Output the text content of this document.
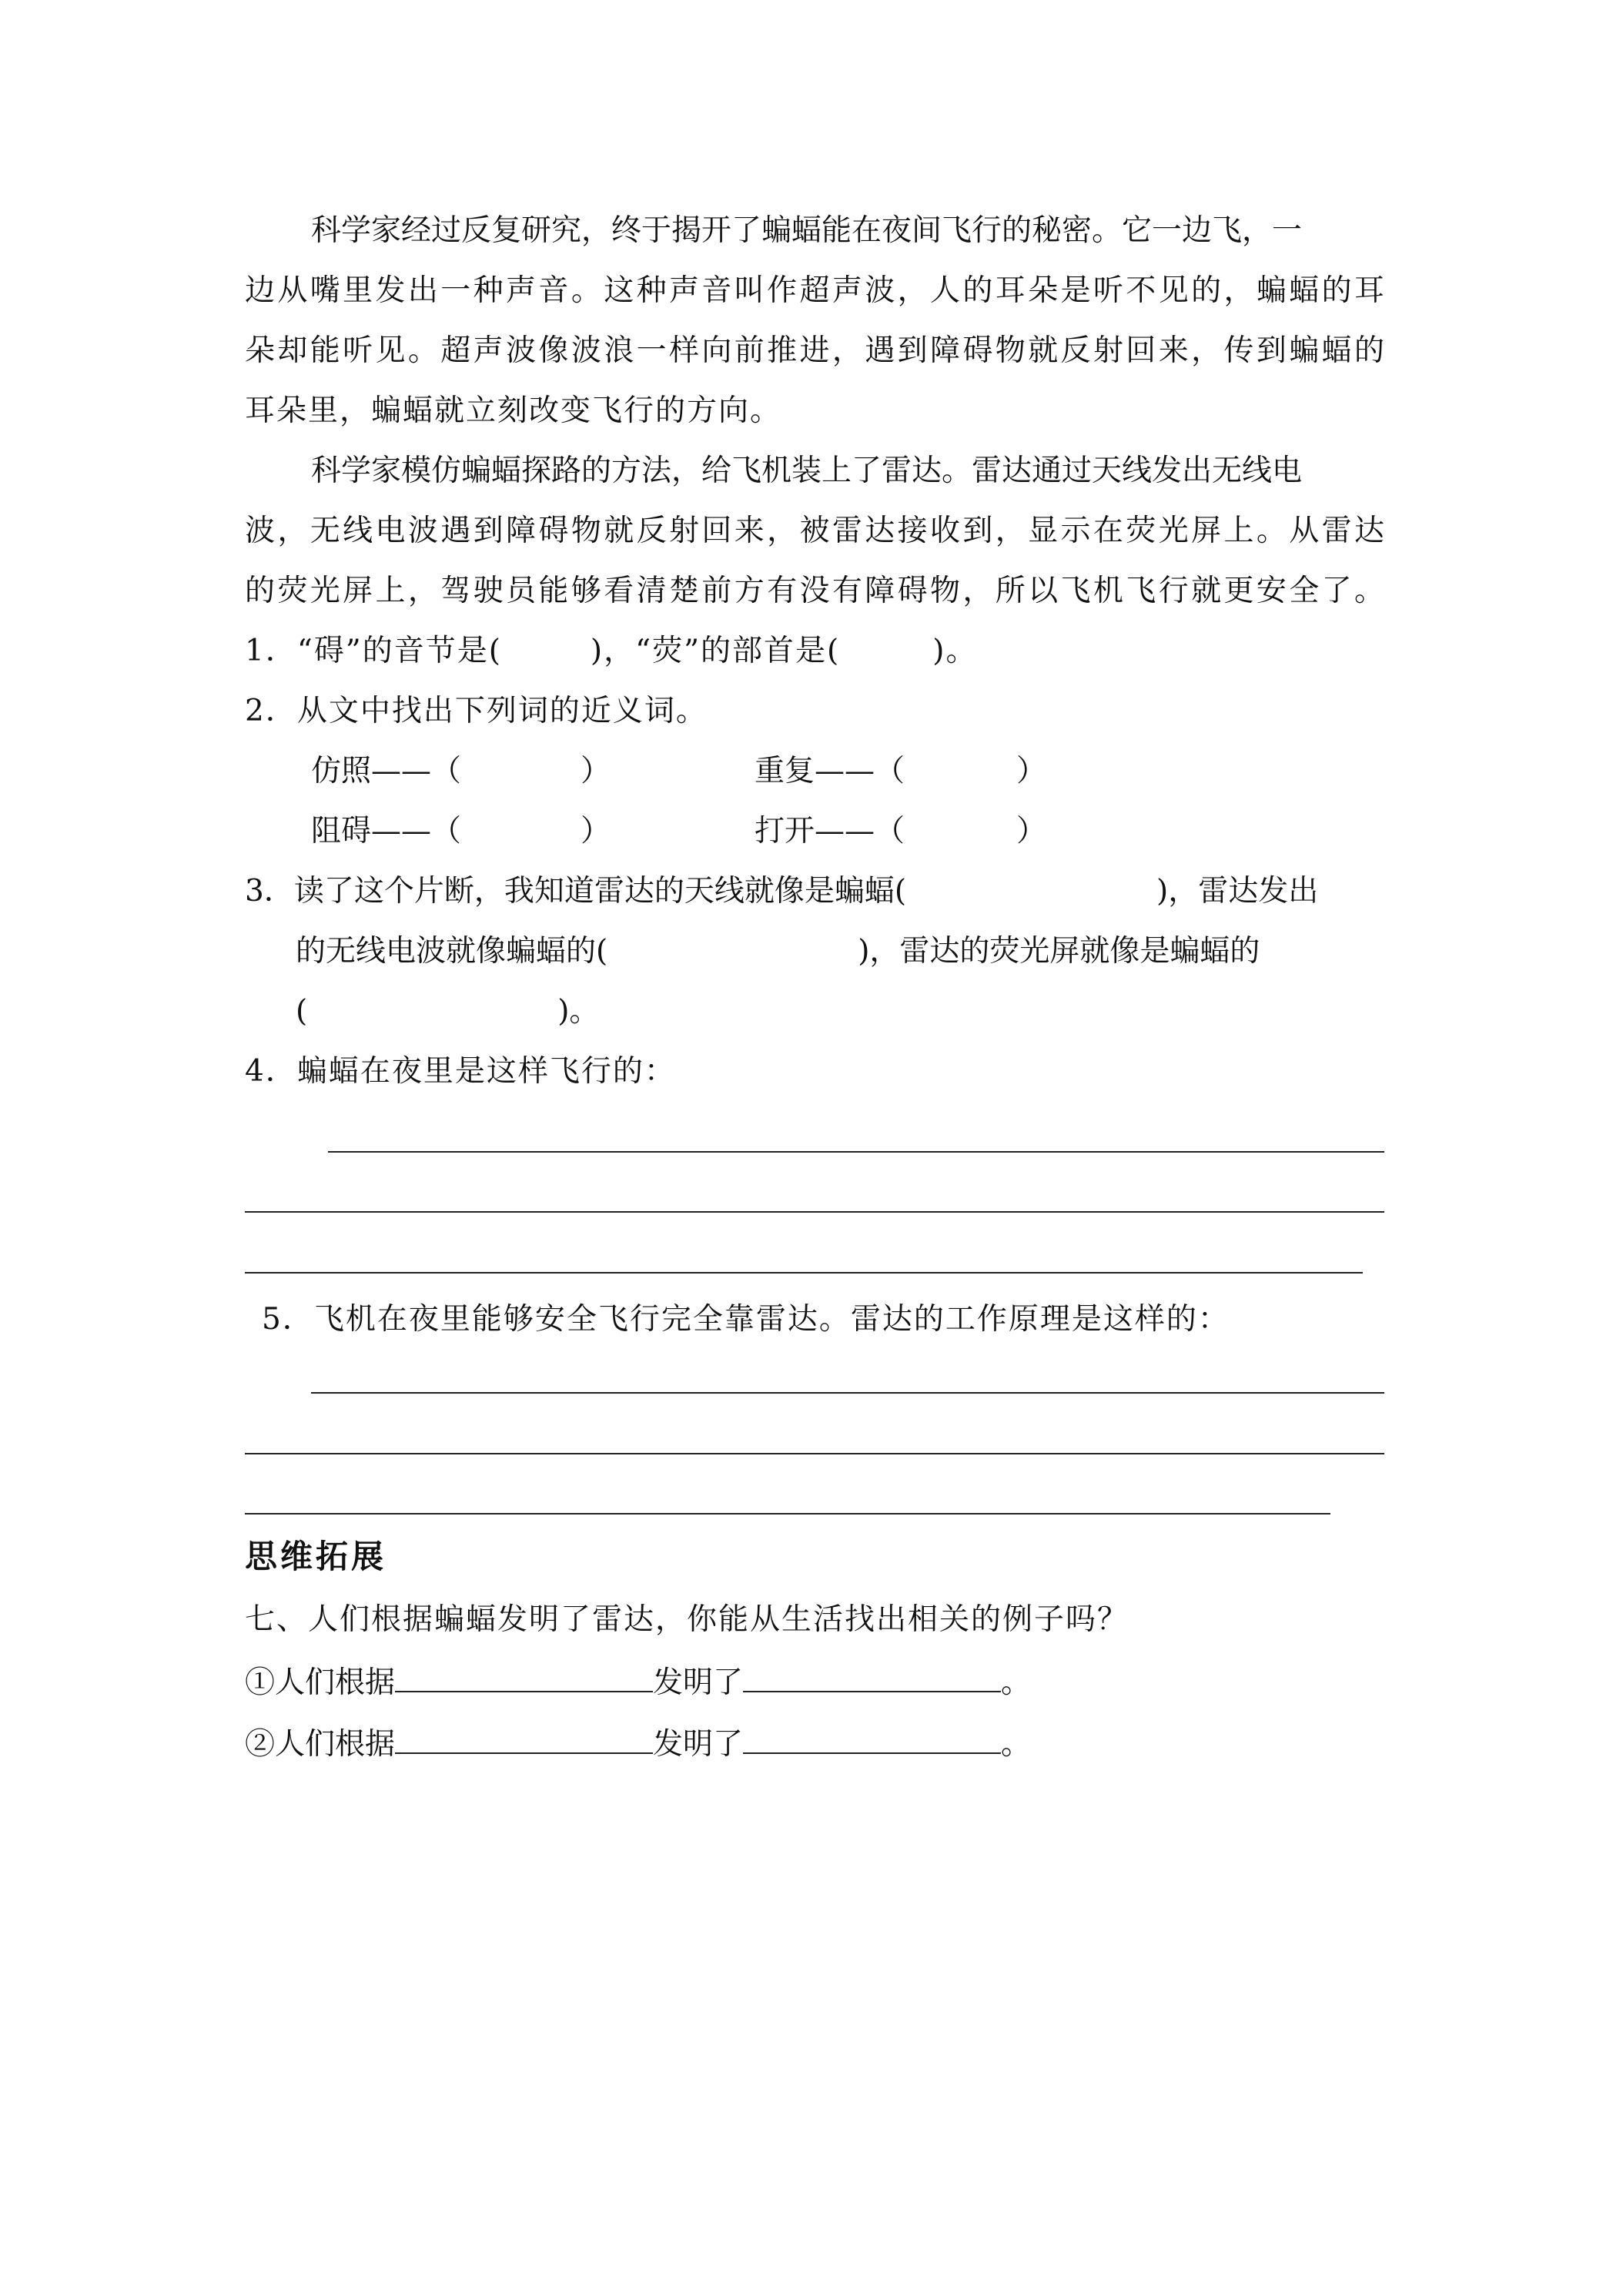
科学家经过反复研究，终于揭开了蝙蝠能在夜间飞行的秘密。它一边飞，一
边从嘴里发出一种声音。这种声音叫作超声波，人的耳朵是听不见的，蝙蝠的耳
朵却能听见。超声波像波浪一样向前推进，遇到障碍物就反射回来，传到蝙蝠的
耳朵里，蝙蝠就立刻改变飞行的方向。
科学家模仿蝙蝠探路的方法，给飞机装上了雷达。雷达通过天线发出无线电
波，无线电波遇到障碍物就反射回来，被雷达接收到，显示在荧光屏上。从雷达
的荧光屏上，驾驶员能够看清楚前方有没有障碍物，所以飞机飞行就更安全了。
1．“碍”的音节是(	)，“荧”的部首是(	)。
2．从文中找出下列词的近义词。
仿照——（	）	重复——（	）
阻碍——（	）	打开——（	）
3．读了这个片断，我知道雷达的天线就像是蝙蝠(	)，雷达发出
的无线电波就像蝙蝠的(	)，雷达的荧光屏就像是蝙蝠的
(	)。
4．蝙蝠在夜里是这样飞行的：
5．飞机在夜里能够安全飞行完全靠雷达。雷达的工作原理是这样的：
思维拓展
七、人们根据蝙蝠发明了雷达，你能从生活找出相关的例子吗？
①人们根据	发明了	。
②人们根据	发明了	。
